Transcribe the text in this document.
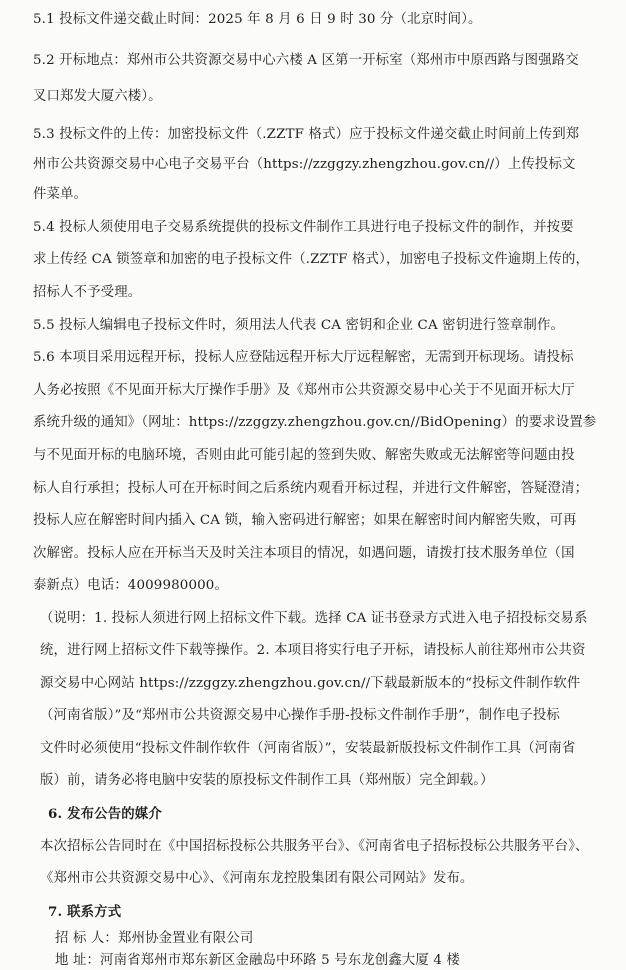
5.1 投标文件递交截止时间：2025 年 8 月 6 日 9 时 30 分（北京时间）。
5.2 开标地点：郑州市公共资源交易中心六楼 A 区第一开标室（郑州市中原西路与图强路交
叉口郑发大厦六楼）。
5.3 投标文件的上传：加密投标文件（.ZZTF 格式）应于投标文件递交截止时间前上传到郑
州市公共资源交易中心电子交易平台（https://zzggzy.zhengzhou.gov.cn//）上传投标文
件菜单。
5.4 投标人须使用电子交易系统提供的投标文件制作工具进行电子投标文件的制作，并按要
求上传经 CA 锁签章和加密的电子投标文件（.ZZTF 格式），加密电子投标文件逾期上传的，
招标人不予受理。
5.5 投标人编辑电子投标文件时，须用法人代表 CA 密钥和企业 CA 密钥进行签章制作。
5.6 本项目采用远程开标，投标人应登陆远程开标大厅远程解密，无需到开标现场。请投标
人务必按照《不见面开标大厅操作手册》及《郑州市公共资源交易中心关于不见面开标大厅
系统升级的通知》（网址：https://zzggzy.zhengzhou.gov.cn//BidOpening）的要求设置参
与不见面开标的电脑环境，否则由此可能引起的签到失败、解密失败或无法解密等问题由投
标人自行承担；投标人可在开标时间之后系统内观看开标过程，并进行文件解密，答疑澄清；
投标人应在解密时间内插入 CA 锁，输入密码进行解密；如果在解密时间内解密失败，可再
次解密。投标人应在开标当天及时关注本项目的情况，如遇问题，请拨打技术服务单位（国
泰新点）电话：4009980000。
（说明：1. 投标人须进行网上招标文件下载。选择 CA 证书登录方式进入电子招投标交易系
统，进行网上招标文件下载等操作。2. 本项目将实行电子开标，请投标人前往郑州市公共资
源交易中心网站 https://zzggzy.zhengzhou.gov.cn//下载最新版本的“投标文件制作软件
（河南省版）”及“郑州市公共资源交易中心操作手册-投标文件制作手册”，制作电子投标
文件时必须使用“投标文件制作软件（河南省版）”，安装最新版投标文件制作工具（河南省
版）前，请务必将电脑中安装的原投标文件制作工具（郑州版）完全卸载。）
6. 发布公告的媒介
本次招标公告同时在《中国招标投标公共服务平台》、《河南省电子招标投标公共服务平台》、
《郑州市公共资源交易中心》、《河南东龙控股集团有限公司网站》发布。
7. 联系方式
招 标 人：郑州协金置业有限公司
地 址：河南省郑州市郑东新区金融岛中环路 5 号东龙创鑫大厦 4 楼
